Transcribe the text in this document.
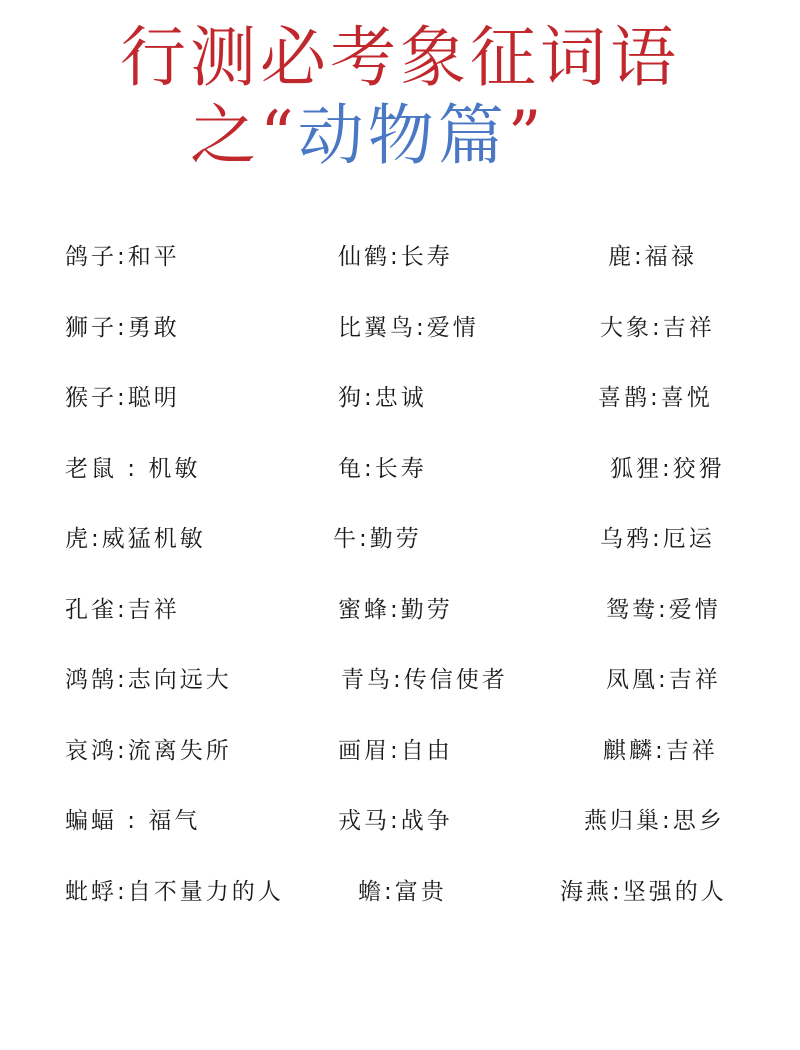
行测必考象征词语
之“动物篇”
鸽子:和平	仙鹤:长寿	鹿:福禄
狮子:勇敢	比翼鸟:爱情	大象:吉祥
猴子:聪明	狗:忠诚	喜鹊:喜悦
老鼠 : 机敏	龟:长寿	狐狸:狡猾
虎:威猛机敏	牛:勤劳	乌鸦:厄运
孔雀:吉祥	蜜蜂:勤劳	鸳鸯:爱情
鸿鹄:志向远大	青鸟:传信使者	凤凰:吉祥
哀鸿:流离失所	画眉:自由	麒麟:吉祥
蝙蝠 : 福气	戎马:战争	燕归巢:思乡
蚍蜉:自不量力的人	蟾:富贵	海燕:坚强的人
